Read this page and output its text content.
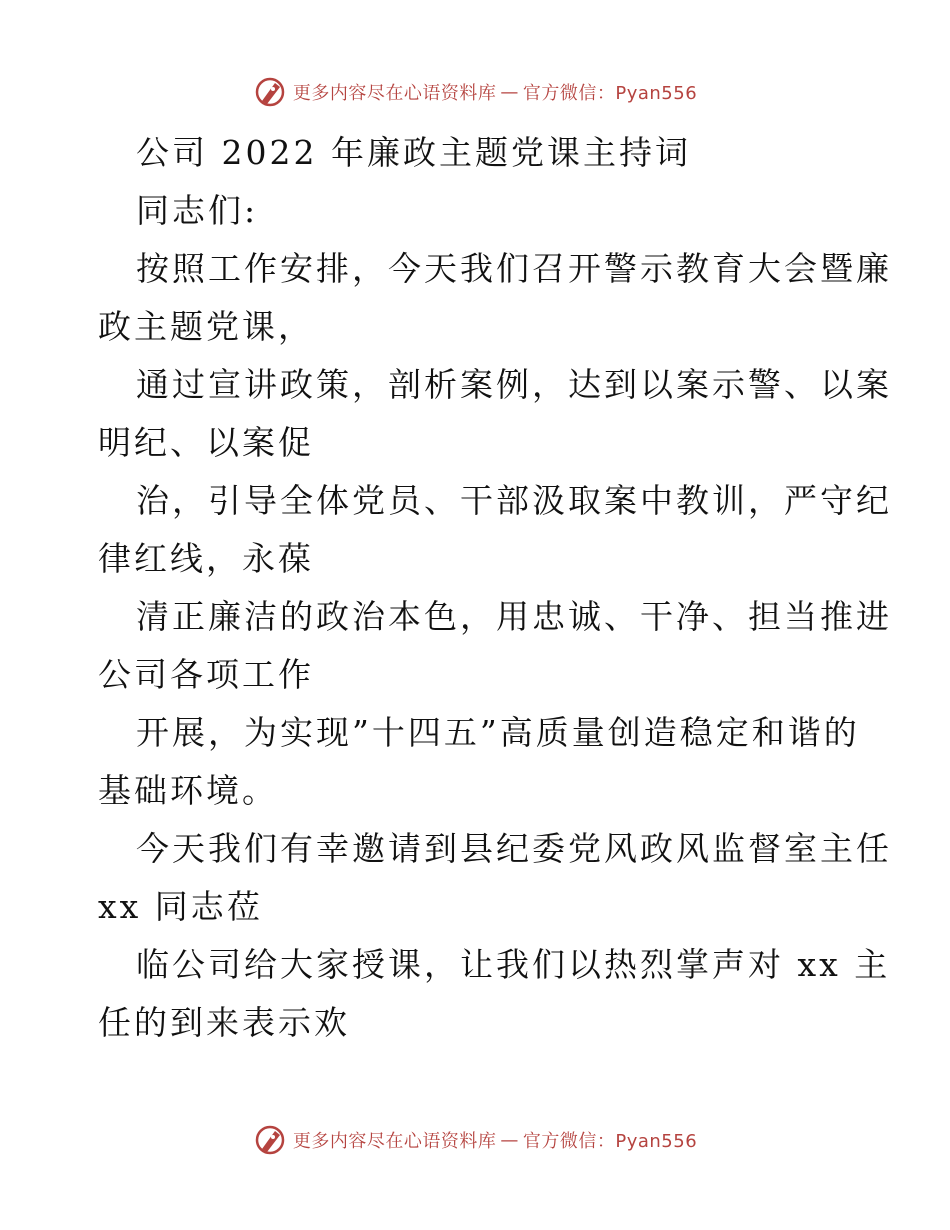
更多内容尽在心语资料库 — 官方微信：Pyan556

公司 2022 年廉政主题党课主持词

同志们:

按照工作安排，今天我们召开警示教育大会暨廉

政主题党课，

通过宣讲政策，剖析案例，达到以案示警、以案

明纪、以案促

治，引导全体党员、干部汲取案中教训，严守纪

律红线，永葆

清正廉洁的政治本色，用忠诚、干净、担当推进

公司各项工作

开展，为实现”十四五”高质量创造稳定和谐的

基础环境。

今天我们有幸邀请到县纪委党风政风监督室主任

xx 同志莅

临公司给大家授课，让我们以热烈掌声对 xx 主

任的到来表示欢

更多内容尽在心语资料库 — 官方微信：Pyan556
